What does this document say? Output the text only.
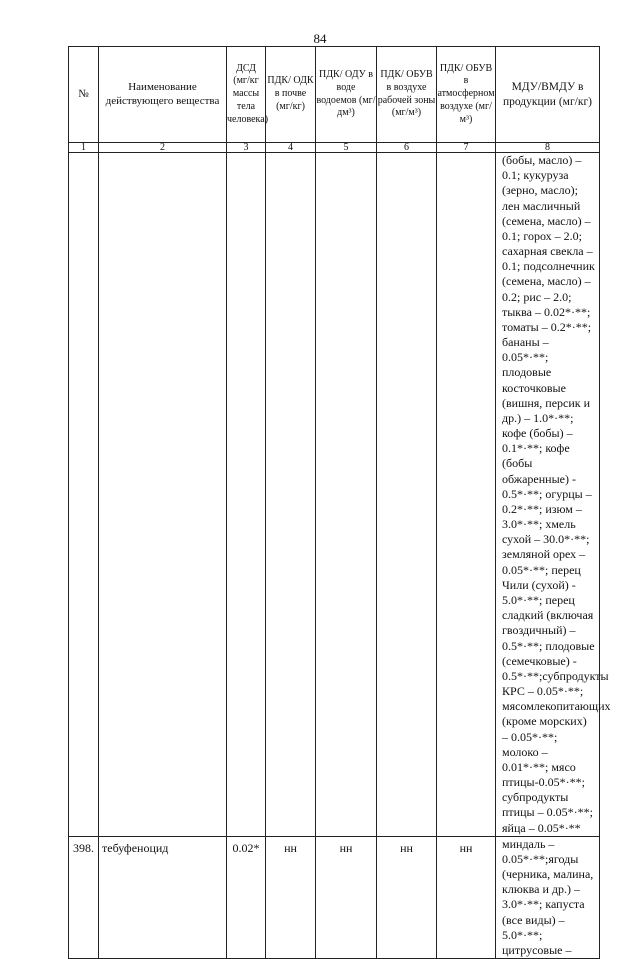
84
№	Наименование действующего вещества	ДСД (мг/кг массы тела человека)	ПДК/ ОДК в почве (мг/кг)	ПДК/ ОДУ в воде водоемов (мг/дм³)	ПДК/ ОБУВ в воздухе рабочей зоны (мг/м³)	ПДК/ ОБУВ в атмосферном воздухе (мг/м³)	МДУ/ВМДУ в продукции (мг/кг)
1	2	3	4	5	6	7	8
							(бобы, масло) – 0.1; кукуруза (зерно, масло); лен масличный (семена, масло) – 0.1; горох – 2.0; сахарная свекла – 0.1; подсолнечник (семена, масло) – 0.2; рис – 2.0; тыква – 0.02*·**; томаты – 0.2*·**; бананы – 0.05*·**; плодовые косточковые (вишня, персик и др.) – 1.0*·**; кофе (бобы) – 0.1*·**; кофе (бобы обжаренные) - 0.5*·**; огурцы – 0.2*·**; изюм – 3.0*·**; хмель сухой – 30.0*·**; земляной орех – 0.05*·**; перец Чили (сухой) - 5.0*·**; перец сладкий (включая гвоздичный) – 0.5*·**; плодовые (семечковые) - 0.5*·**;субпродукты КРС – 0.05*·**; мясомлекопитающих (кроме морских) – 0.05*·**; молоко – 0.01*·**; мясо птицы-0.05*·**; субпродукты птицы – 0.05*·**; яйца – 0.05*·**
398.	тебуфеноцид	0.02*	нн	нн	нн	нн	миндаль – 0.05*·**;ягоды (черника, малина, клюква и др.) – 3.0*·**; капуста (все виды) – 5.0*·**; цитрусовые –
